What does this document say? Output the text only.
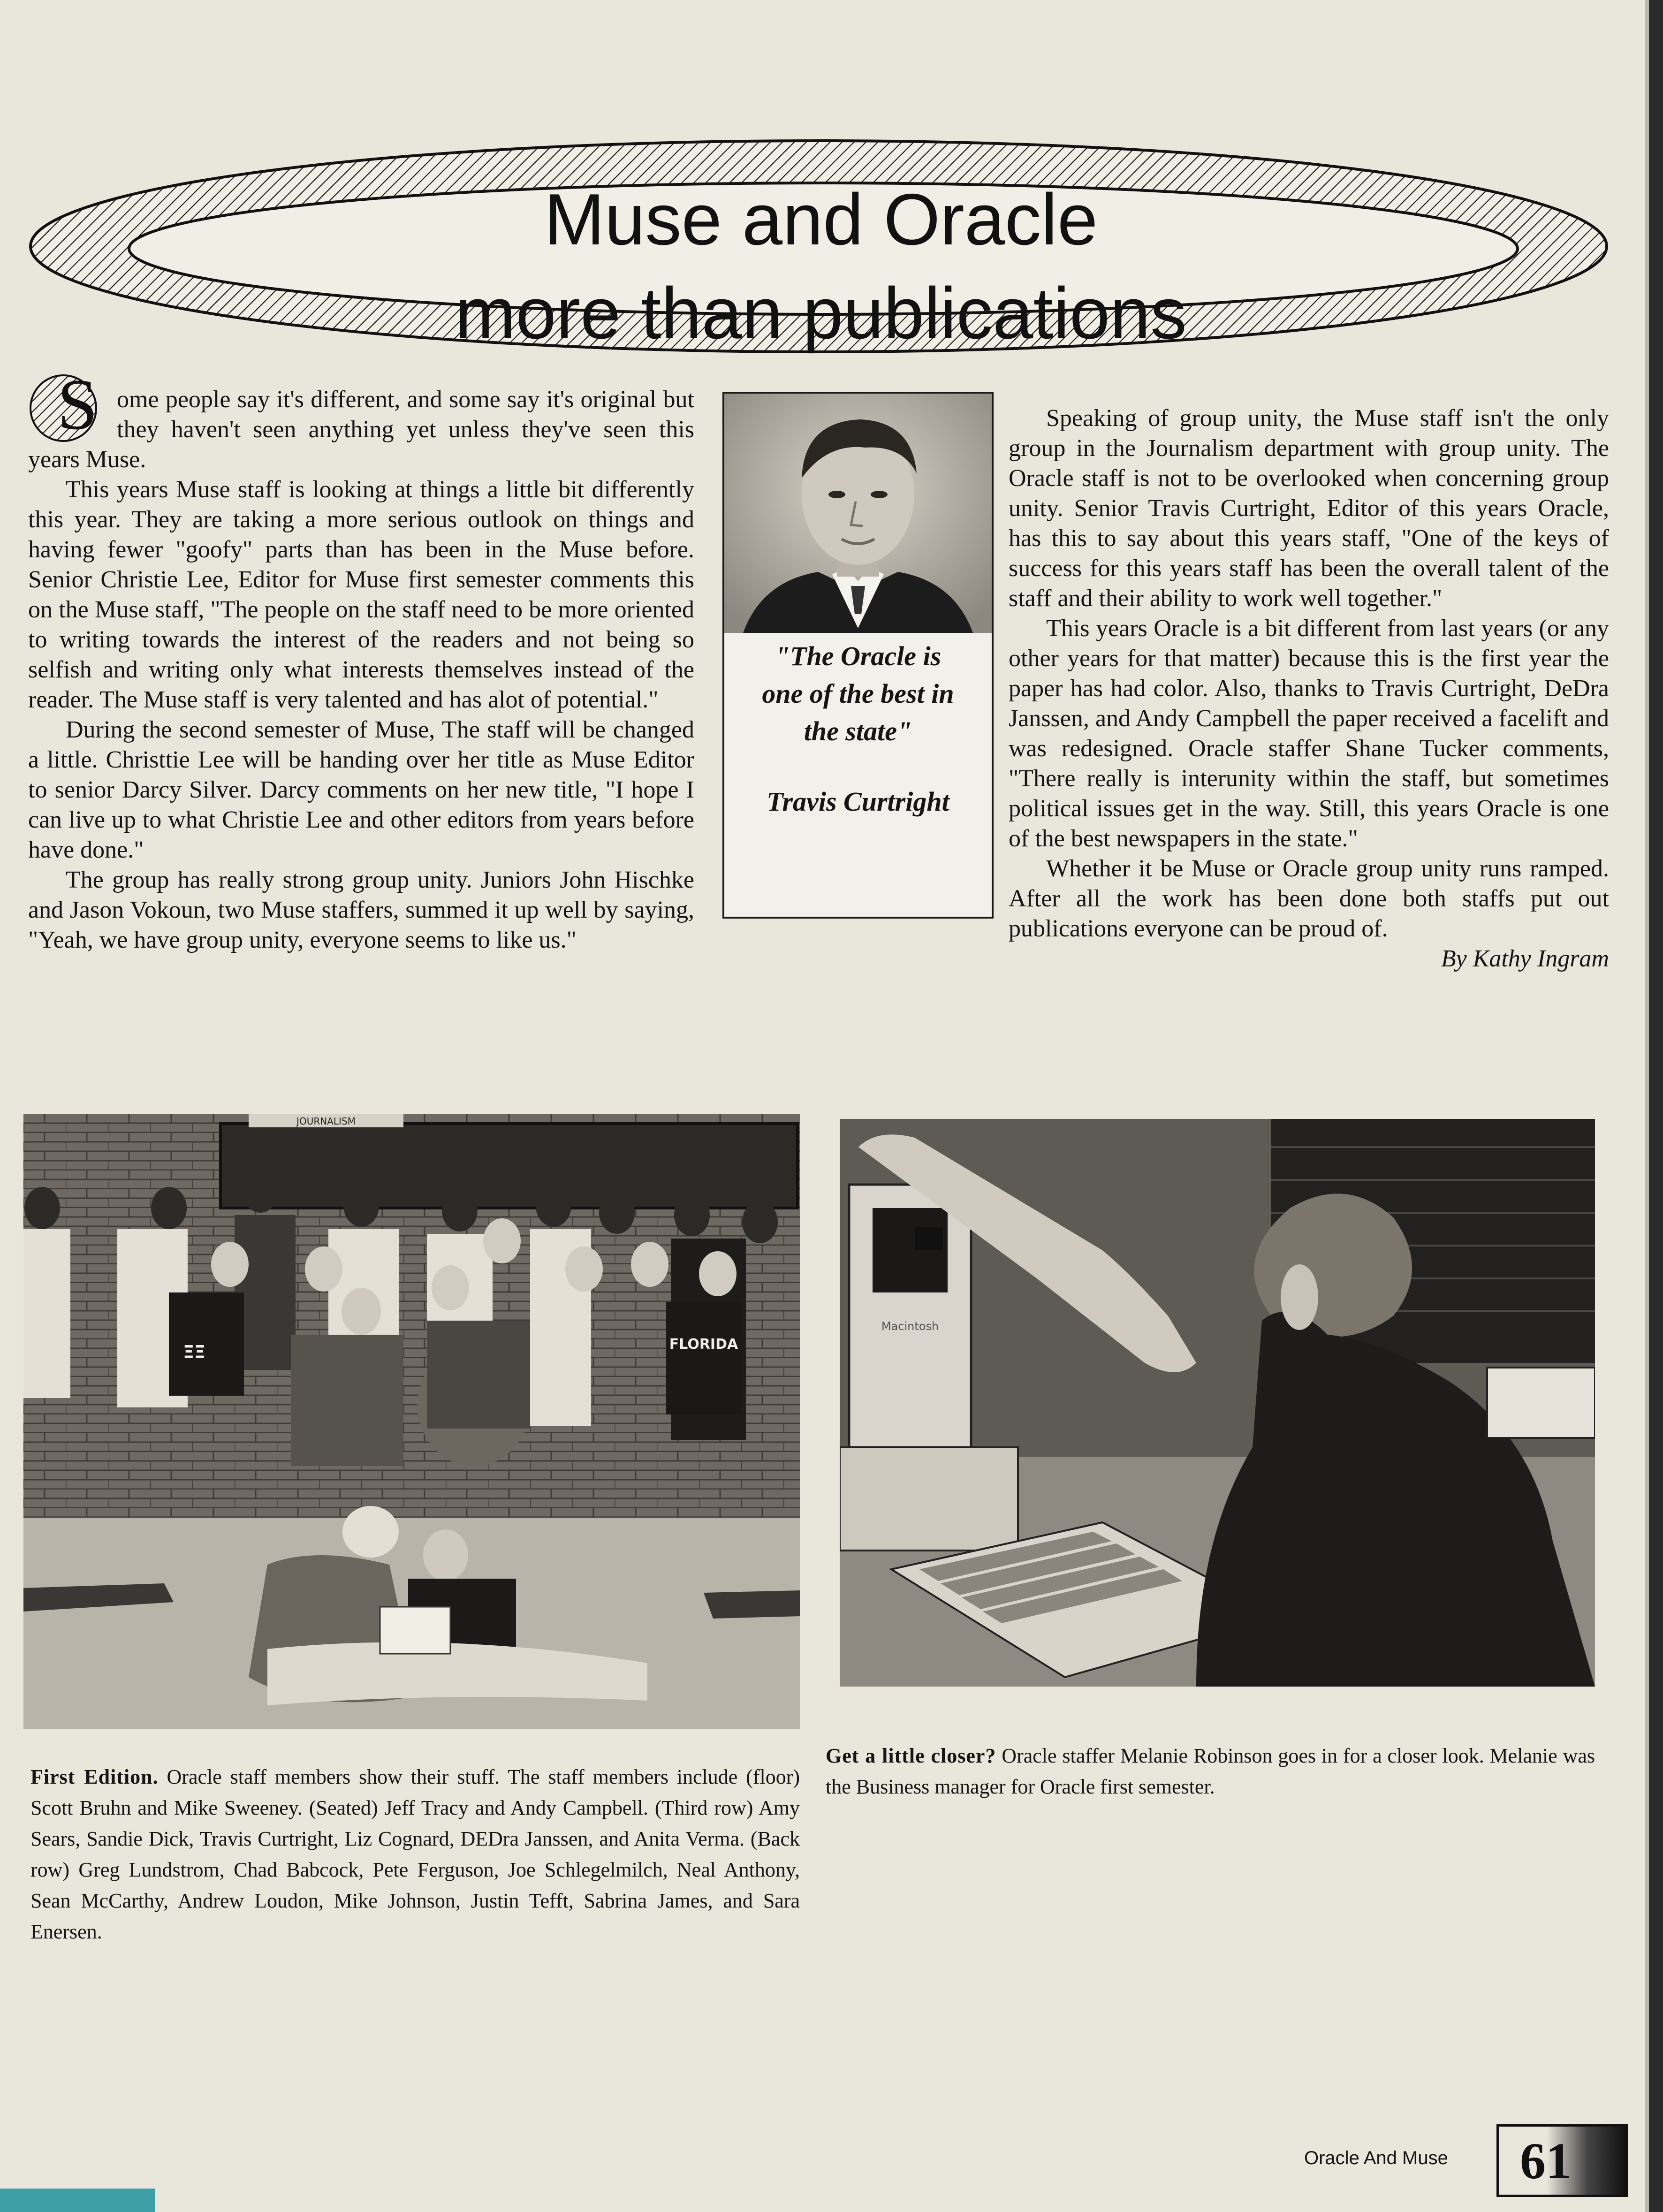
Muse and Oracle
more than publications

S ome people say it's different, and some say it's original but they haven't seen anything yet unless they've seen this years Muse.

This years Muse staff is looking at things a little bit differently this year. They are taking a more serious outlook on things and having fewer "goofy" parts than has been in the Muse before. Senior Christie Lee, Editor for Muse first semester comments this on the Muse staff, "The people on the staff need to be more oriented to writing towards the interest of the readers and not being so selfish and writing only what interests themselves instead of the reader. The Muse staff is very talented and has alot of potential."

During the second semester of Muse, The staff will be changed a little. Christtie Lee will be handing over her title as Muse Editor to senior Darcy Silver. Darcy comments on her new title, "I hope I can live up to what Christie Lee and other editors from years before have done."

The group has really strong group unity. Juniors John Hischke and Jason Vokoun, two Muse staffers, summed it up well by saying, "Yeah, we have group unity, everyone seems to like us."

"The Oracle is one of the best in the state"
Travis Curtright

Speaking of group unity, the Muse staff isn't the only group in the Journalism department with group unity. The Oracle staff is not to be overlooked when concerning group unity. Senior Travis Curtright, Editor of this years Oracle, has this to say about this years staff, "One of the keys of success for this years staff has been the overall talent of the staff and their ability to work well together."

This years Oracle is a bit different from last years (or any other years for that matter) because this is the first year the paper has had color. Also, thanks to Travis Curtright, DeDra Janssen, and Andy Campbell the paper received a facelift and was redesigned. Oracle staffer Shane Tucker comments, "There really is interunity within the staff, but sometimes political issues get in the way. Still, this years Oracle is one of the best newspapers in the state."

Whether it be Muse or Oracle group unity runs ramped. After all the work has been done both staffs put out publications everyone can be proud of.

By Kathy Ingram

JOURNALISM
ΞΞ	FLORIDA
Macintosh
First Edition. Oracle staff members show their stuff. The staff members include (floor) Scott Bruhn and Mike Sweeney. (Seated) Jeff Tracy and Andy Campbell. (Third row) Amy Sears, Sandie Dick, Travis Curtright, Liz Cognard, DEDra Janssen, and Anita Verma. (Back row) Greg Lundstrom, Chad Babcock, Pete Ferguson, Joe Schlegelmilch, Neal Anthony, Sean McCarthy, Andrew Loudon, Mike Johnson, Justin Tefft, Sabrina James, and Sara Enersen.
Get a little closer? Oracle staffer Melanie Robinson goes in for a closer look. Melanie was the Business manager for Oracle first semester.
Oracle And Muse 61
